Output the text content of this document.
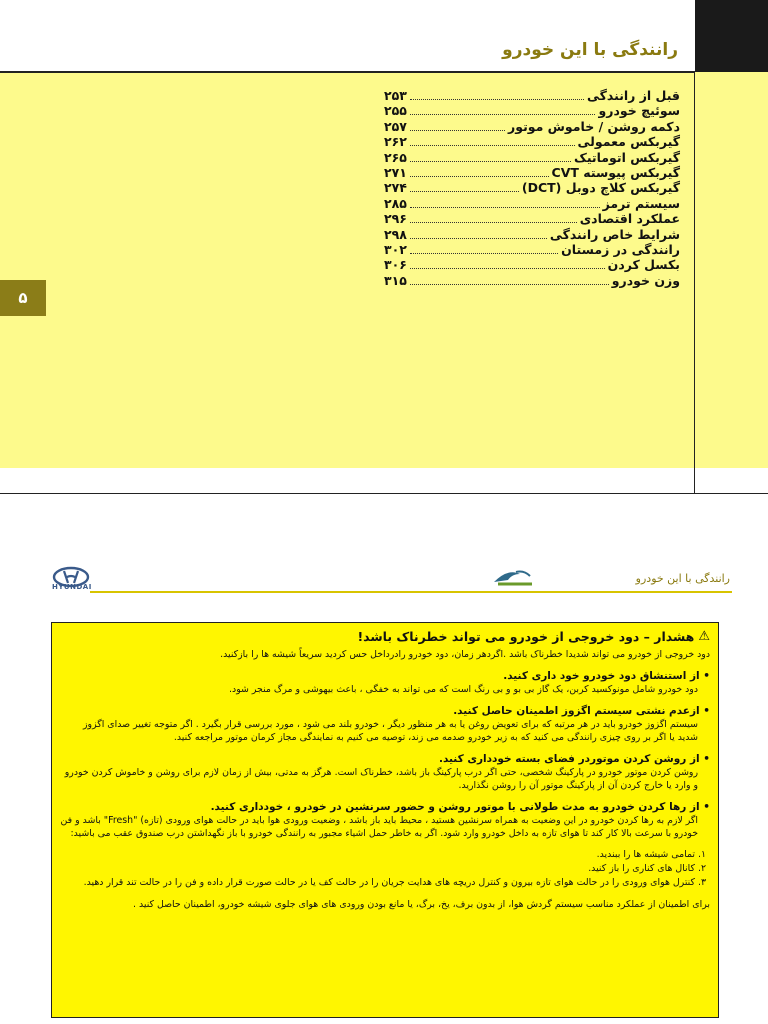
رانندگی با این خودرو
قبل از رانندگی
۲۵۳
سوئیچ خودرو
۲۵۵
دکمه روشن / خاموش موتور
۲۵۷
گیربکس معمولی
۲۶۲
گیربکس اتوماتیک
۲۶۵
گیربکس پیوسته CVT
۲۷۱
گیربکس کلاچ دوبل (DCT)
۲۷۴
سیستم ترمز
۲۸۵
عملکرد اقتصادی
۲۹۶
شرایط خاص رانندگی
۲۹۸
رانندگی در زمستان
۳۰۲
بکسل کردن
۳۰۶
وزن خودرو
۳۱۵
۵
HYUNDAI
رانندگی با این خودرو
⚠
هشدار – دود خروجی از خودرو می تواند خطرناک باشد!

دود خروجی از خودرو می تواند شدیدا خطرناک باشد .اگردهر زمان، دود خودرو رادرداخل حس کردید سریعاً شیشه ها را بازکنید.

• از استنشاق دود خودرو خود داری کنید.

دود خودرو شامل مونوکسید کربن، یک گاز بی بو و بی رنگ است که می تواند به خفگی ، باعث بیهوشی و مرگ منجر شود.

• ازعدم نشتی سیستم اگزوز اطمینان حاصل کنید.

سیستم اگزوز خودرو باید در هر مرتبه که برای تعویض روغن یا به هر منظور دیگر ، خودرو بلند می شود ، مورد بررسی قرار بگیرد . اگر متوجه تغییر صدای اگزوز شدید یا اگر بر روی چیزی رانندگی می کنید که به زیر خودرو صدمه می زند، توصیه می کنیم به نمایندگی مجاز کرمان موتور مراجعه کنید.

• از روشن کردن موتوردر فضای بسته خودداری کنید.

روشن کردن موتور خودرو در پارکینگ شخصی، حتی اگر درب پارکینگ باز باشد، خطرناک است. هرگز به مدتی، بیش از زمان لازم برای روشن و خاموش کردن خودرو و وارد یا خارج کردن آن از پارکینگ موتور آن را روشن نگذارید.

• از رها کردن خودرو به مدت طولانی با موتور روشن و حضور سرنشین در خودرو ، خودداری کنید.

اگر لازم به رها کردن خودرو در این وضعیت به همراه سرنشین هستید ، محیط باید باز باشد ، وضعیت ورودی هوا باید در حالت هوای ورودی (تازه) "Fresh" باشد و فن خودرو با سرعت بالا کار کند تا هوای تازه به داخل خودرو وارد شود. اگر به خاطر حمل اشیاء مجبور به رانندگی خودرو با باز نگهداشتن درب صندوق عقب می باشید:

۱. تمامی شیشه ها را ببندید.
۲. کانال های کناری را باز کنید.
۳. کنترل هوای ورودی را در حالت هوای تازه بیرون و کنترل دریچه های هدایت جریان را در حالت کف یا در حالت صورت قرار داده و فن را در حالت تند قرار دهید.

برای اطمینان از عملکرد مناسب سیستم گردش هوا، از بدون برف، یخ، برگ، یا مانع بودن ورودی های هوای جلوی شیشه خودرو، اطمینان حاصل کنید .
